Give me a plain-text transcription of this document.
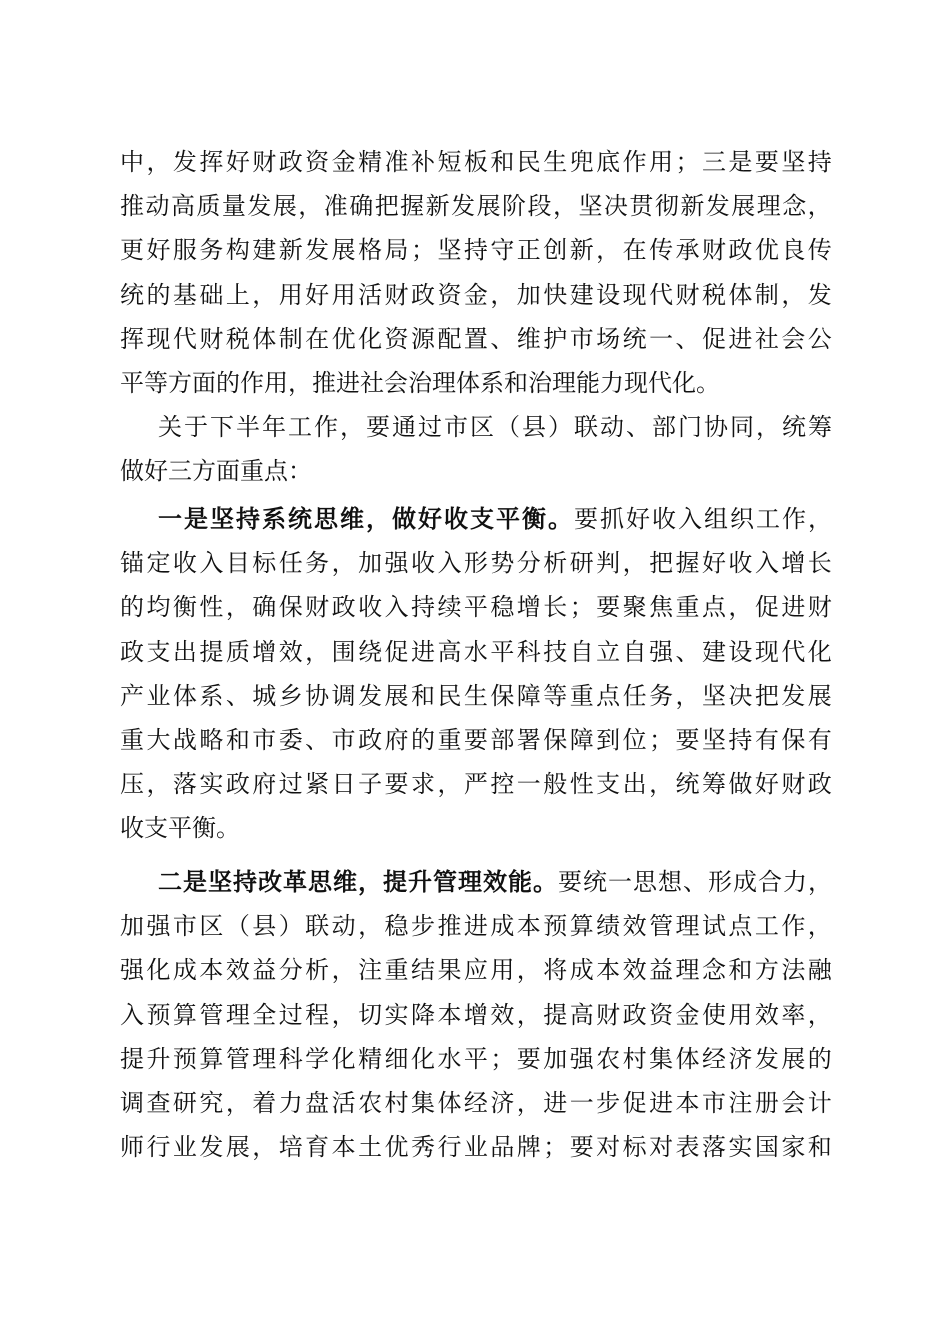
中 ， 发 挥 好 财 政 资 金 精 准 补 短 板 和 民 生 兜 底 作 用 ； 三 是 要 坚 持
推 动 高 质 量 发 展 ， 准 确 把 握 新 发 展 阶 段 ， 坚 决 贯 彻 新 发 展 理 念 ，
更 好 服 务 构 建 新 发 展 格 局 ； 坚 持 守 正 创 新 ， 在 传 承 财 政 优 良 传
统 的 基 础 上 ， 用 好 用 活 财 政 资 金 ， 加 快 建 设 现 代 财 税 体 制 ， 发
挥 现 代 财 税 体 制 在 优 化 资 源 配 置 、 维 护 市 场 统 一 、 促 进 社 会 公
平等方面的作用，推进社会治理体系和治理能力现代化。
关 于 下 半 年 工 作 ， 要 通 过 市 区 （ 县 ） 联 动 、 部 门 协 同 ， 统 筹
做好三方面重点：
一 是 坚 持 系 统 思 维 ， 做 好 收 支 平 衡 。 要 抓 好 收 入 组 织 工 作 ，
锚 定 收 入 目 标 任 务 ， 加 强 收 入 形 势 分 析 研 判 ， 把 握 好 收 入 增 长
的 均 衡 性 ， 确 保 财 政 收 入 持 续 平 稳 增 长 ； 要 聚 焦 重 点 ， 促 进 财
政 支 出 提 质 增 效 ， 围 绕 促 进 高 水 平 科 技 自 立 自 强 、 建 设 现 代 化
产 业 体 系 、 城 乡 协 调 发 展 和 民 生 保 障 等 重 点 任 务 ， 坚 决 把 发 展
重 大 战 略 和 市 委 、 市 政 府 的 重 要 部 署 保 障 到 位 ； 要 坚 持 有 保 有
压 ， 落 实 政 府 过 紧 日 子 要 求 ， 严 控 一 般 性 支 出 ， 统 筹 做 好 财 政
收支平衡。
二 是 坚 持 改 革 思 维 ， 提 升 管 理 效 能 。 要 统 一 思 想 、 形 成 合 力 ，
加 强 市 区 （ 县 ） 联 动 ， 稳 步 推 进 成 本 预 算 绩 效 管 理 试 点 工 作 ，
强 化 成 本 效 益 分 析 ， 注 重 结 果 应 用 ， 将 成 本 效 益 理 念 和 方 法 融
入 预 算 管 理 全 过 程 ， 切 实 降 本 增 效 ， 提 高 财 政 资 金 使 用 效 率 ，
提 升 预 算 管 理 科 学 化 精 细 化 水 平 ； 要 加 强 农 村 集 体 经 济 发 展 的
调 查 研 究 ， 着 力 盘 活 农 村 集 体 经 济 ， 进 一 步 促 进 本 市 注 册 会 计
师 行 业 发 展 ， 培 育 本 土 优 秀 行 业 品 牌 ； 要 对 标 对 表 落 实 国 家 和
